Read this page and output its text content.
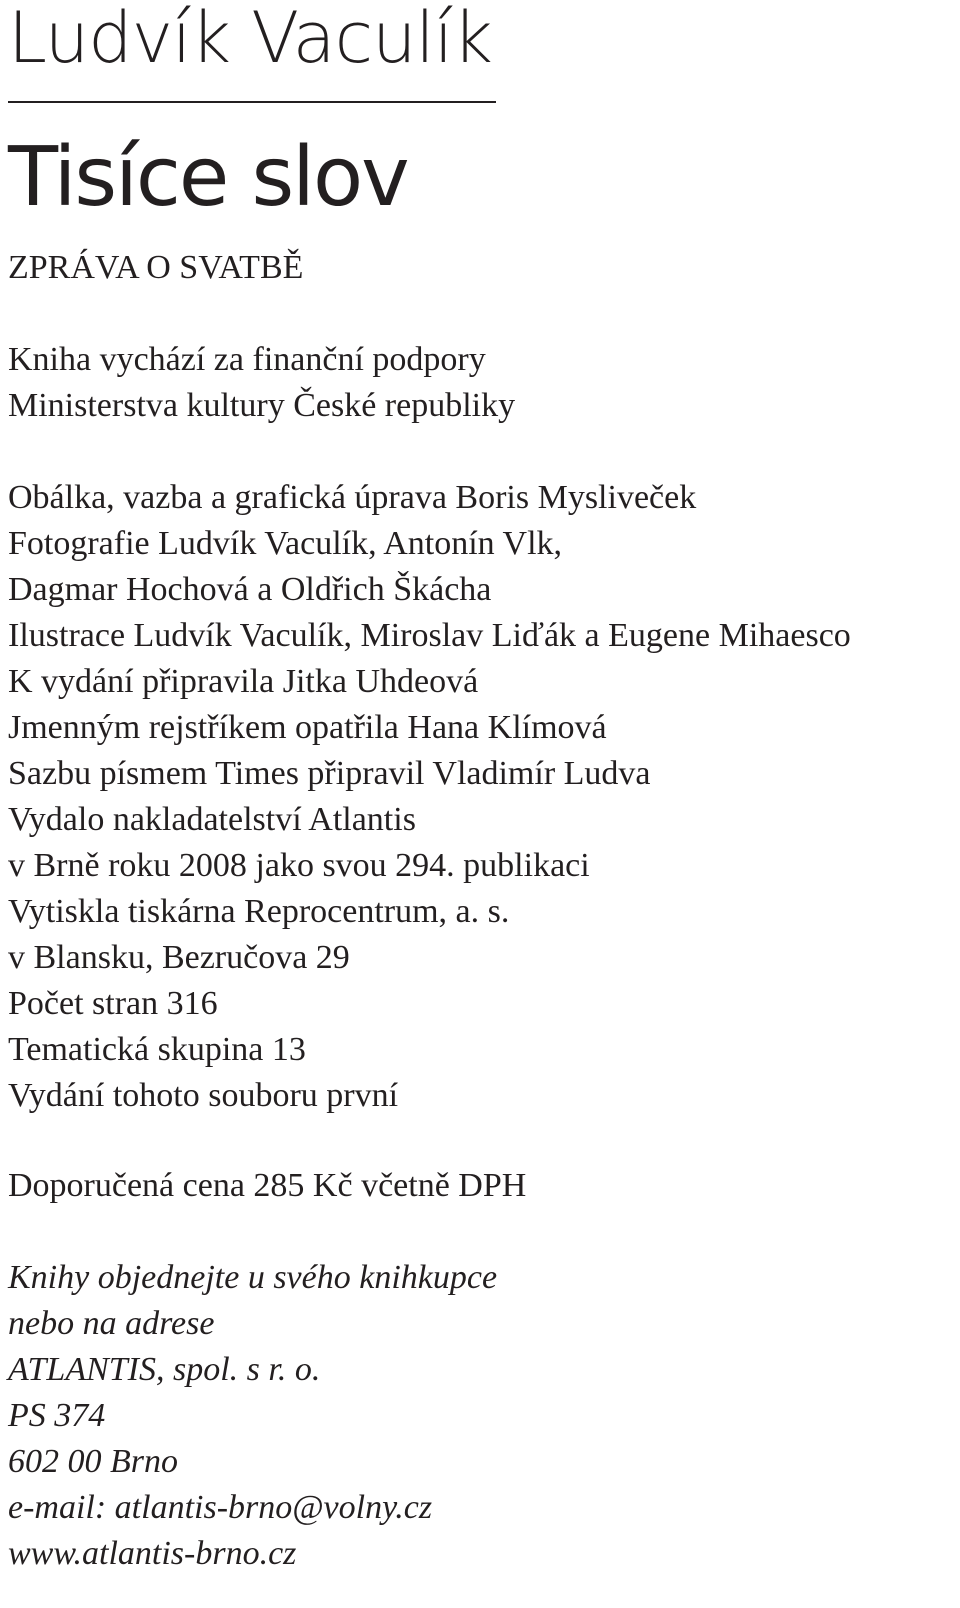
Ludvík Vaculík
Tisíce slov
ZPRÁVA O SVATBĚ
Kniha vychází za finanční podpory
Ministerstva kultury České republiky
Obálka, vazba a grafická úprava Boris Mysliveček
Fotografie Ludvík Vaculík, Antonín Vlk,
Dagmar Hochová a Oldřich Škácha
Ilustrace Ludvík Vaculík, Miroslav Liďák a Eugene Mihaesco
K vydání připravila Jitka Uhdeová
Jmenným rejstříkem opatřila Hana Klímová
Sazbu písmem Times připravil Vladimír Ludva
Vydalo nakladatelství Atlantis
v Brně roku 2008 jako svou 294. publikaci
Vytiskla tiskárna Reprocentrum, a. s.
v Blansku, Bezručova 29
Počet stran 316
Tematická skupina 13
Vydání tohoto souboru první
Doporučená cena 285 Kč včetně DPH
Knihy objednejte u svého knihkupce
nebo na adrese
ATLANTIS, spol. s r. o.
PS 374
602 00 Brno
e-mail: atlantis-brno@volny.cz
www.atlantis-brno.cz
